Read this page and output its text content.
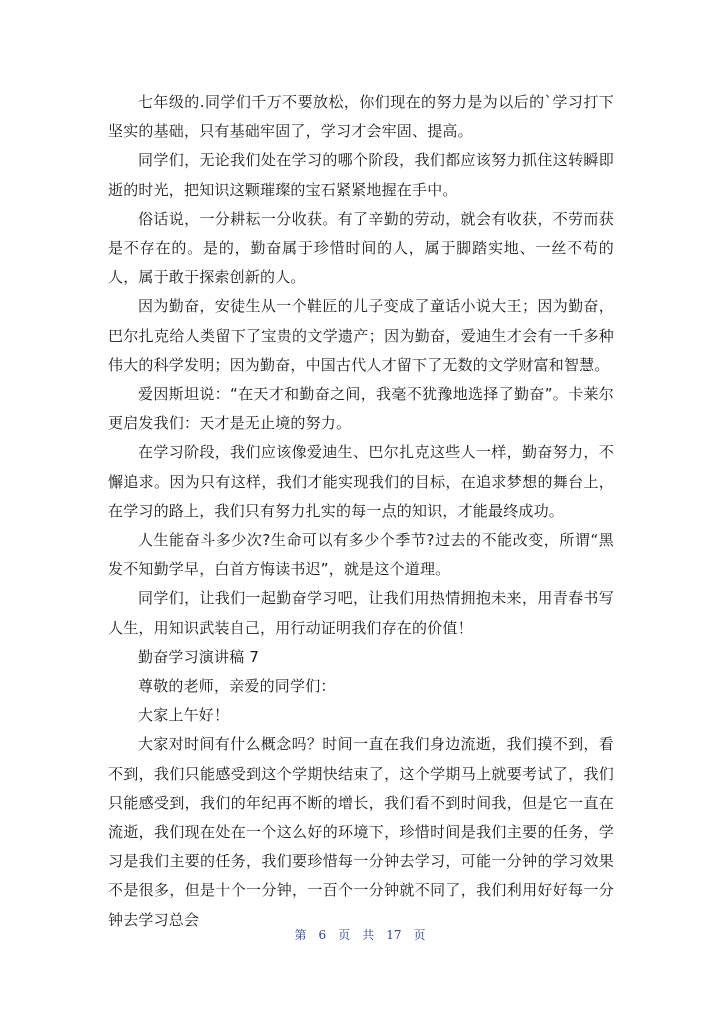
七年级的.同学们千万不要放松，你们现在的努力是为以后的`学习打下坚实的基础，只有基础牢固了，学习才会牢固、提高。

同学们，无论我们处在学习的哪个阶段，我们都应该努力抓住这转瞬即逝的时光，把知识这颗璀璨的宝石紧紧地握在手中。

俗话说，一分耕耘一分收获。有了辛勤的劳动，就会有收获，不劳而获是不存在的。是的，勤奋属于珍惜时间的人，属于脚踏实地、一丝不苟的人，属于敢于探索创新的人。

因为勤奋，安徒生从一个鞋匠的儿子变成了童话小说大王；因为勤奋，巴尔扎克给人类留下了宝贵的文学遗产；因为勤奋，爱迪生才会有一千多种伟大的科学发明；因为勤奋，中国古代人才留下了无数的文学财富和智慧。

爱因斯坦说：“在天才和勤奋之间，我毫不犹豫地选择了勤奋”。卡莱尔更启发我们：天才是无止境的努力。

在学习阶段，我们应该像爱迪生、巴尔扎克这些人一样，勤奋努力，不懈追求。因为只有这样，我们才能实现我们的目标，在追求梦想的舞台上，在学习的路上，我们只有努力扎实的每一点的知识，才能最终成功。

人生能奋斗多少次?生命可以有多少个季节?过去的不能改变，所谓“黑发不知勤学早，白首方悔读书迟”，就是这个道理。

同学们，让我们一起勤奋学习吧，让我们用热情拥抱未来，用青春书写人生，用知识武装自己，用行动证明我们存在的价值！

勤奋学习演讲稿 7

尊敬的老师，亲爱的同学们：

大家上午好！

大家对时间有什么概念吗？时间一直在我们身边流逝，我们摸不到，看不到，我们只能感受到这个学期快结束了，这个学期马上就要考试了，我们只能感受到，我们的年纪再不断的增长，我们看不到时间我，但是它一直在流逝，我们现在处在一个这么好的环境下，珍惜时间是我们主要的任务，学习是我们主要的任务，我们要珍惜每一分钟去学习，可能一分钟的学习效果不是很多，但是十个一分钟，一百个一分钟就不同了，我们利用好好每一分钟去学习总会

第 6 页 共 17 页
